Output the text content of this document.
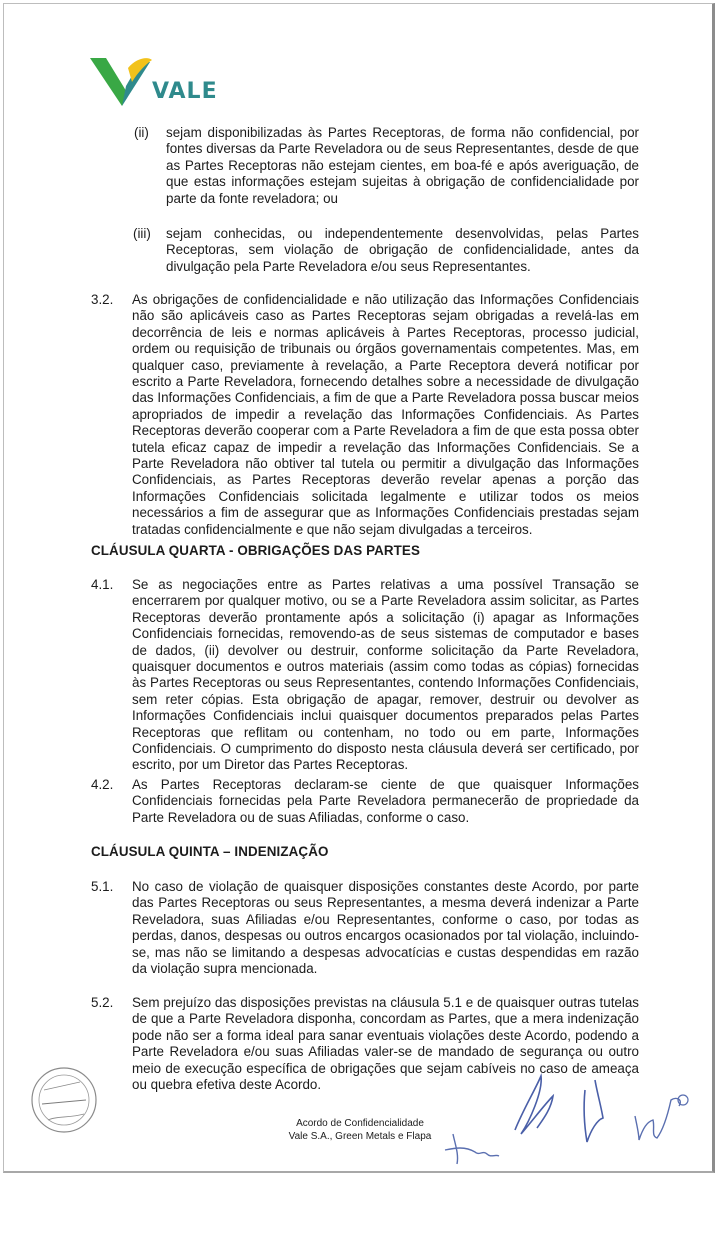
VALE
(ii) sejam disponibilizadas às Partes Receptoras, de forma não confidencial, por fontes diversas da Parte Reveladora ou de seus Representantes, desde de que as Partes Receptoras não estejam cientes, em boa-fé e após averiguação, de que estas informações estejam sujeitas à obrigação de confidencialidade por parte da fonte reveladora; ou
(iii) sejam conhecidas, ou independentemente desenvolvidas, pelas Partes Receptoras, sem violação de obrigação de confidencialidade, antes da divulgação pela Parte Reveladora e/ou seus Representantes.
3.2. As obrigações de confidencialidade e não utilização das Informações Confidenciais não são aplicáveis caso as Partes Receptoras sejam obrigadas a revelá-las em decorrência de leis e normas aplicáveis à Partes Receptoras, processo judicial, ordem ou requisição de tribunais ou órgãos governamentais competentes. Mas, em qualquer caso, previamente à revelação, a Parte Receptora deverá notificar por escrito a Parte Reveladora, fornecendo detalhes sobre a necessidade de divulgação das Informações Confidenciais, a fim de que a Parte Reveladora possa buscar meios apropriados de impedir a revelação das Informações Confidenciais. As Partes Receptoras deverão cooperar com a Parte Reveladora a fim de que esta possa obter tutela eficaz capaz de impedir a revelação das Informações Confidenciais. Se a Parte Reveladora não obtiver tal tutela ou permitir a divulgação das Informações Confidenciais, as Partes Receptoras deverão revelar apenas a porção das Informações Confidenciais solicitada legalmente e utilizar todos os meios necessários a fim de assegurar que as Informações Confidenciais prestadas sejam tratadas confidencialmente e que não sejam divulgadas a terceiros.
CLÁUSULA QUARTA - OBRIGAÇÕES DAS PARTES
4.1. Se as negociações entre as Partes relativas a uma possível Transação se encerrarem por qualquer motivo, ou se a Parte Reveladora assim solicitar, as Partes Receptoras deverão prontamente após a solicitação (i) apagar as Informações Confidenciais fornecidas, removendo-as de seus sistemas de computador e bases de dados, (ii) devolver ou destruir, conforme solicitação da Parte Reveladora, quaisquer documentos e outros materiais (assim como todas as cópias) fornecidas às Partes Receptoras ou seus Representantes, contendo Informações Confidenciais, sem reter cópias. Esta obrigação de apagar, remover, destruir ou devolver as Informações Confidenciais inclui quaisquer documentos preparados pelas Partes Receptoras que reflitam ou contenham, no todo ou em parte, Informações Confidenciais. O cumprimento do disposto nesta cláusula deverá ser certificado, por escrito, por um Diretor das Partes Receptoras.
4.2. As Partes Receptoras declaram-se ciente de que quaisquer Informações Confidenciais fornecidas pela Parte Reveladora permanecerão de propriedade da Parte Reveladora ou de suas Afiliadas, conforme o caso.
CLÁUSULA QUINTA – INDENIZAÇÃO
5.1. No caso de violação de quaisquer disposições constantes deste Acordo, por parte das Partes Receptoras ou seus Representantes, a mesma deverá indenizar a Parte Reveladora, suas Afiliadas e/ou Representantes, conforme o caso, por todas as perdas, danos, despesas ou outros encargos ocasionados por tal violação, incluindo-se, mas não se limitando a despesas advocatícias e custas despendidas em razão da violação supra mencionada.
5.2. Sem prejuízo das disposições previstas na cláusula 5.1 e de quaisquer outras tutelas de que a Parte Reveladora disponha, concordam as Partes, que a mera indenização pode não ser a forma ideal para sanar eventuais violações deste Acordo, podendo a Parte Reveladora e/ou suas Afiliadas valer-se de mandado de segurança ou outro meio de execução específica de obrigações que sejam cabíveis no caso de ameaça ou quebra efetiva deste Acordo.
Acordo de Confidencialidade
Vale S.A., Green Metals e Flapa
